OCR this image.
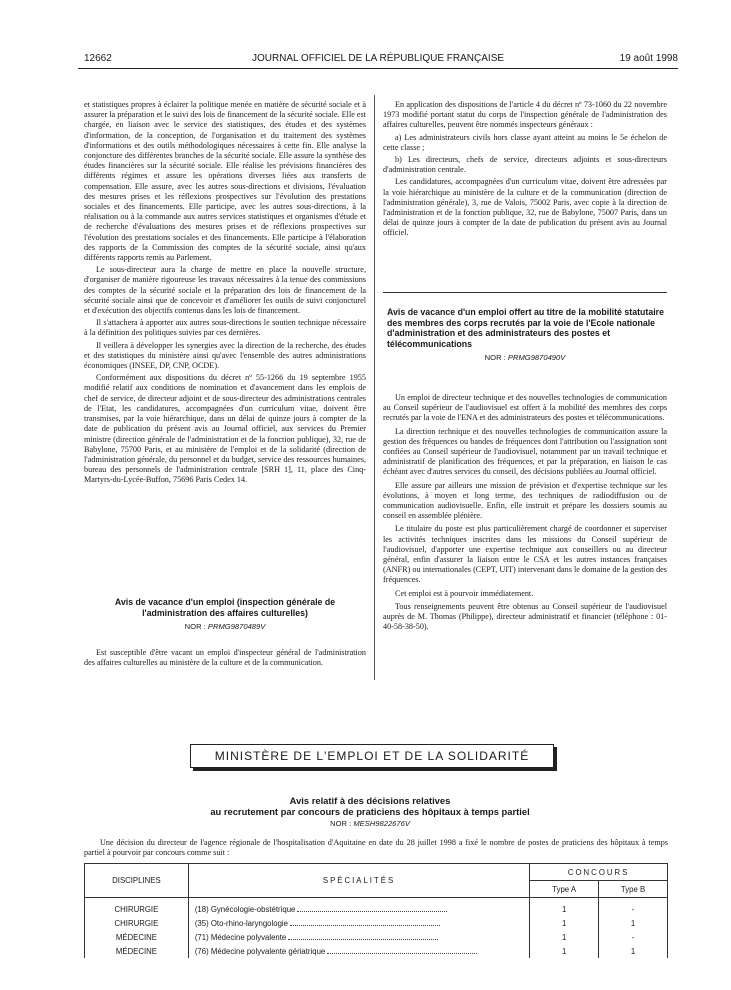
12662	JOURNAL OFFICIEL DE LA RÉPUBLIQUE FRANÇAISE	19 août 1998

et statistiques propres à éclairer la politique menée en matière de sécurité sociale et à assurer la préparation et le suivi des lois de financement de la sécurité sociale. Elle est chargée, en liaison avec le service des statistiques, des études et des systèmes d'information, de la conception, de l'organisation et du traitement des systèmes d'informations et des outils méthodologiques nécessaires à cette fin. Elle analyse la conjoncture des différentes branches de la sécurité sociale. Elle assure la synthèse des études financières sur la sécurité sociale. Elle réalise les prévisions financières des différents régimes et assure les opérations diverses liées aux transferts de compensation. Elle assure, avec les autres sous-directions et divisions, l'évaluation des mesures prises et les réflexions prospectives sur l'évolution des prestations sociales et des financements. Elle participe, avec les autres sous-directions, à la réalisation ou à la commande aux autres services statistiques et organismes d'étude et de recherche d'évaluations des mesures prises et de réflexions prospectives sur l'évolution des prestations sociales et des financements. Elle participe à l'élaboration des rapports de la Commission des comptes de la sécurité sociale, ainsi qu'aux différents rapports remis au Parlement.

Le sous-directeur aura la charge de mettre en place la nouvelle structure, d'organiser de manière rigoureuse les travaux nécessaires à la tenue des commissions des comptes de la sécurité sociale et la préparation des lois de financement de la sécurité sociale ainsi que de concevoir et d'améliorer les outils de suivi conjoncturel et d'exécution des objectifs contenus dans les lois de financement.

Il s'attachera à apporter aux autres sous-directions le soutien technique nécessaire à la définition des politiques suivies par ces dernières.

Il veillera à développer les synergies avec la direction de la recherche, des études et des statistiques du ministère ainsi qu'avec l'ensemble des autres administrations économiques (INSEE, DP, CNP, OCDE).

Conformément aux dispositions du décret nº 55-1266 du 19 septembre 1955 modifié relatif aux conditions de nomination et d'avancement dans les emplois de chef de service, de directeur adjoint et de sous-directeur des administrations centrales de l'Etat, les candidatures, accompagnées d'un curriculum vitae, doivent être transmises, par la voie hiérarchique, dans un délai de quinze jours à compter de la date de publication du présent avis au Journal officiel, aux services du Premier ministre (direction générale de l'administration et de la fonction publique), 32, rue de Babylone, 75700 Paris, et au ministère de l'emploi et de la solidarité (direction de l'administration générale, du personnel et du budget, service des ressources humaines, bureau des personnels de l'administration centrale [SRH 1], 11, place des Cinq-Martyrs-du-Lycée-Buffon, 75696 Paris Cedex 14.

Avis de vacance d'un emploi (inspection générale de l'administration des affaires culturelles)

NOR : PRMG9870489V

Est susceptible d'être vacant un emploi d'inspecteur général de l'administration des affaires culturelles au ministère de la culture et de la communication.

En application des dispositions de l'article 4 du décret nº 73-1060 du 22 novembre 1973 modifié portant statut du corps de l'inspection générale de l'administration des affaires culturelles, peuvent être nommés inspecteurs généraux :

a) Les administrateurs civils hors classe ayant atteint au moins le 5e échelon de cette classe ;

b) Les directeurs, chefs de service, directeurs adjoints et sous-directeurs d'administration centrale.

Les candidatures, accompagnées d'un curriculum vitae, doivent être adressées par la voie hiérarchique au ministère de la culture et de la communication (direction de l'administration générale), 3, rue de Valois, 75002 Paris, avec copie à la direction de l'administration et de la fonction publique, 32, rue de Babylone, 75007 Paris, dans un délai de quinze jours à compter de la date de publication du présent avis au Journal officiel.

Avis de vacance d'un emploi offert au titre de la mobilité statutaire des membres des corps recrutés par la voie de l'Ecole nationale d'administration et des administrateurs des postes et télécommunications

NOR : PRMG9870490V

Un emploi de directeur technique et des nouvelles technologies de communication au Conseil supérieur de l'audiovisuel est offert à la mobilité des membres des corps recrutés par la voie de l'ENA et des administrateurs des postes et télécommunications.

La direction technique et des nouvelles technologies de communication assure la gestion des fréquences ou bandes de fréquences dont l'attribution ou l'assignation sont confiées au Conseil supérieur de l'audiovisuel, notamment par un travail technique et administratif de planification des fréquences, et par la préparation, en liaison le cas échéant avec d'autres services du conseil, des décisions publiées au Journal officiel.

Elle assure par ailleurs une mission de prévision et d'expertise technique sur les évolutions, à moyen et long terme, des techniques de radiodiffusion ou de communication audiovisuelle. Enfin, elle instruit et prépare les dossiers soumis au conseil en assemblée plénière.

Le titulaire du poste est plus particulièrement chargé de coordonner et superviser les activités techniques inscrites dans les missions du Conseil supérieur de l'audiovisuel, d'apporter une expertise technique aux conseillers ou au directeur général, enfin d'assurer la liaison entre le CSA et les autres instances françaises (ANFR) ou internationales (CEPT, UIT) intervenant dans le domaine de la gestion des fréquences.

Cet emploi est à pourvoir immédiatement.

Tous renseignements peuvent être obtenus au Conseil supérieur de l'audiovisuel auprès de M. Thomas (Philippe), directeur administratif et financier (téléphone : 01-40-58-38-50).

MINISTÈRE DE L'EMPLOI ET DE LA SOLIDARITÉ

Avis relatif à des décisions relatives

au recrutement par concours de praticiens des hôpitaux à temps partiel

NOR : MESH9822676V

Une décision du directeur de l'agence régionale de l'hospitalisation d'Aquitaine en date du 28 juillet 1998 a fixé le nombre de postes de praticiens des hôpitaux à temps partiel à pourvoir par concours comme suit :

DISCIPLINES	SPÉCIALITÉS	CONCOURS	
		Type A	Type B
CHIRURGIE	(18) Gynécologie-obstétrique	1	-
CHIRURGIE	(35) Oto-rhino-laryngologie	1	1
MÉDECINE	(71) Médecine polyvalente	1	-
MÉDECINE	(76) Médecine polyvalente gériatrique	1	1
